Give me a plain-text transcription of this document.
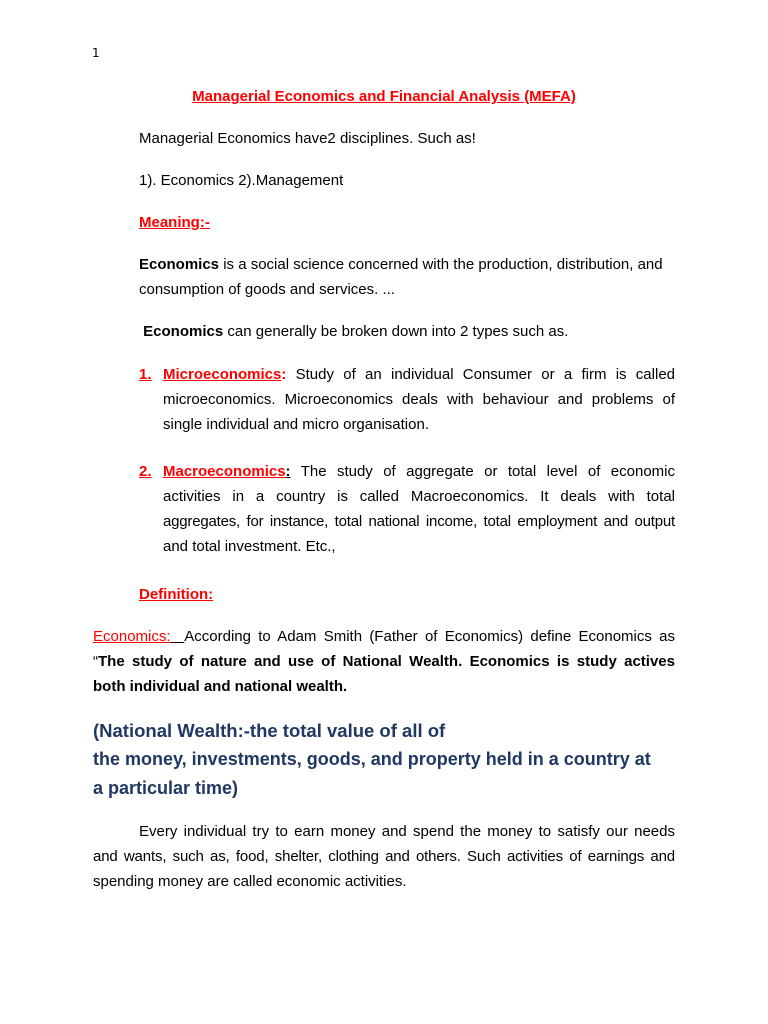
1
Managerial Economics and Financial Analysis (MEFA)
Managerial Economics have2 disciplines. Such as!
1). Economics 2).Management
Meaning:-
Economics is a social science concerned with the production, distribution, and
consumption of goods and services. ...
Economics can generally be broken down into 2 types such as.
1. Microeconomics: Study of an individual Consumer or a firm is called
microeconomics. Microeconomics deals with behaviour and problems of
single individual and micro organisation.
2. Macroeconomics: The study of aggregate or total level of economic
activities in a country is called Macroeconomics. It deals with total
aggregates, for instance, total national income, total employment and output
and total investment. Etc.,
Definition:
Economics: According to Adam Smith (Father of Economics) define Economics as
“The study of nature and use of National Wealth. Economics is study actives
both individual and national wealth.
(National Wealth:-the total value of all of
the money, investments, goods, and property held in a country at
a particular time)
Every individual try to earn money and spend the money to satisfy our needs
and wants, such as, food, shelter, clothing and others. Such activities of earnings and
spending money are called economic activities.
